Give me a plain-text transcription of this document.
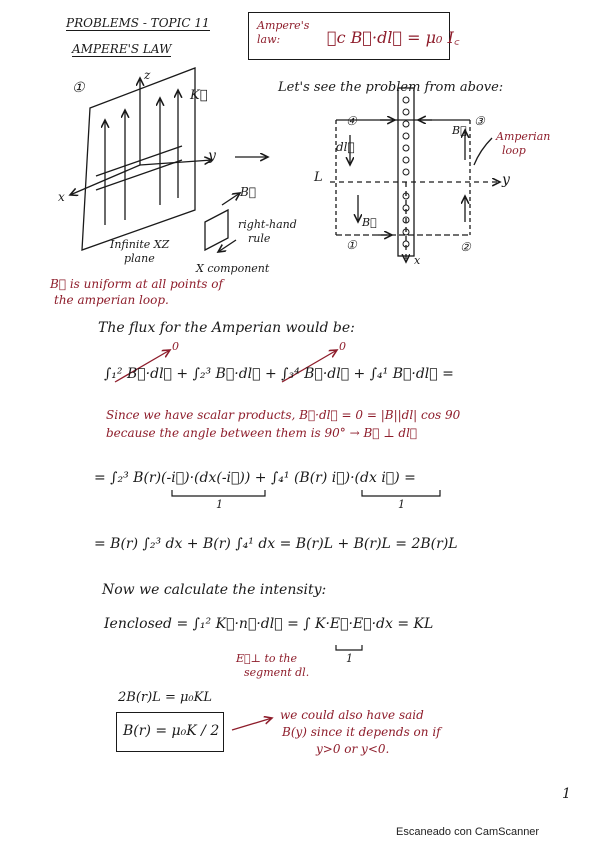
PROBLEMS - TOPIC 11
AMPERE'S LAW
Ampere's law:	∮c B⃗·dl⃗ = μ₀ I꜀
①
z
y
x
K⃗
Infinite XZ
plane
B⃗
right-hand
rule
X component
B⃗ is uniform at all points of
the amperian loop.
Let's see the problem from above:
④	③
①	②
dl⃗
B⃗
B⃗
L	y
x
Amperian
loop
The flux for the Amperian would be:
∫₁² B⃗·dl⃗ + ∫₂³ B⃗·dl⃗ + ∫₃⁴ B⃗·dl⃗ + ∫₄¹ B⃗·dl⃗ =
0	0
Since we have scalar products, B⃗·dl⃗ = 0 = |B||dl| cos 90
because the angle between them is 90° → B⃗ ⊥ dl⃗
= ∫₂³ B(r)(-i⃗)·(dx(-i⃗)) + ∫₄¹ (B(r) i⃗)·(dx i⃗) =
1	1
= B(r) ∫₂³ dx + B(r) ∫₄¹ dx = B(r)L + B(r)L = 2B(r)L
Now we calculate the intensity:
Ienclosed = ∫₁² K⃗·n⃗·dl⃗ = ∫ K·E⃗·E⃗·dx = KL
E⃗⊥ to the
segment dl.
1
2B(r)L = μ₀KL
B(r) = μ₀K / 2
we could also have said
B(y) since it depends on if
y>0 or y<0.
1
Escaneado con CamScanner
